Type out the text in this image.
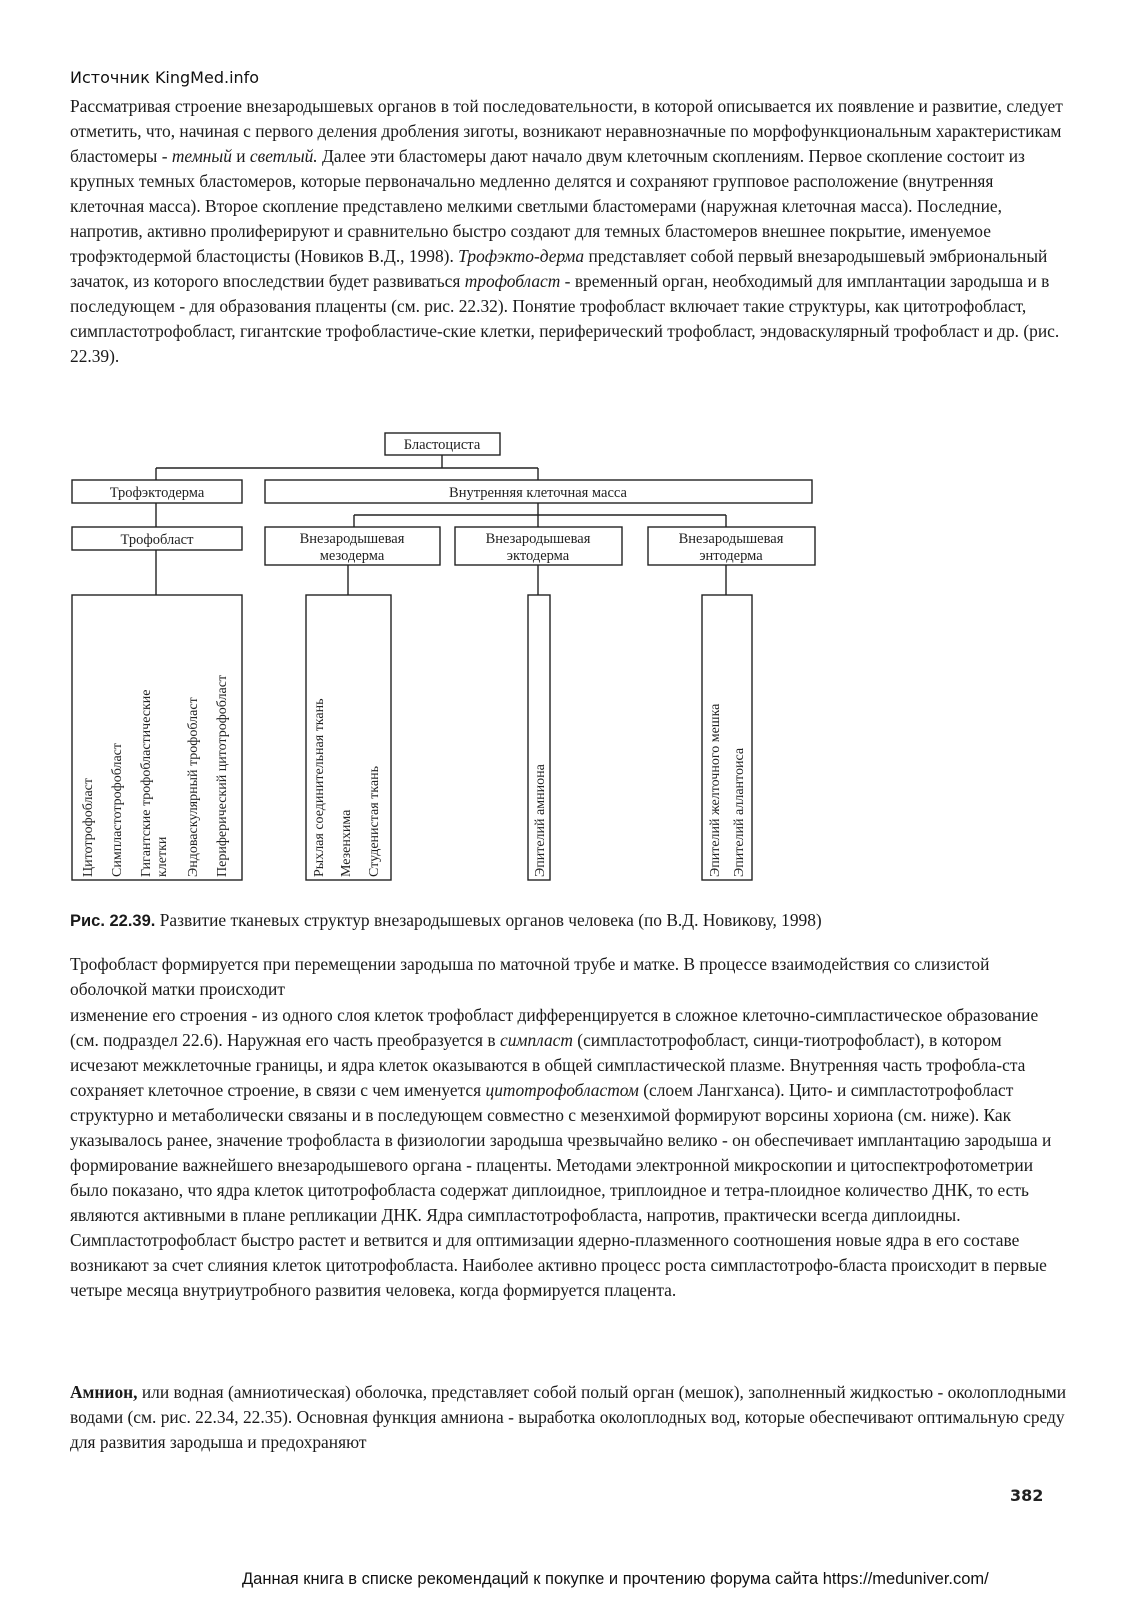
Источник KingMed.info

Рассматривая строение внезародышевых органов в той последовательности, в которой описывается их появление и развитие, следует отметить, что, начиная с первого деления дробления зиготы, возникают неравнозначные по морфофункциональным характеристикам бластомеры - темный и светлый. Далее эти бластомеры дают начало двум клеточным скоплениям. Первое скопление состоит из крупных темных бластомеров, которые первоначально медленно делятся и сохраняют групповое расположение (внутренняя клеточная масса). Второе скопление представлено мелкими светлыми бластомерами (наружная клеточная масса). Последние, напротив, активно пролиферируют и сравнительно быстро создают для темных бластомеров внешнее покрытие, именуемое трофэктодермой бластоцисты (Новиков В.Д., 1998). Трофэкто-дерма представляет собой первый внезародышевый эмбриональный зачаток, из которого впоследствии будет развиваться трофобласт - временный орган, необходимый для имплантации зародыша и в последующем - для образования плаценты (см. рис. 22.32). Понятие трофобласт включает такие структуры, как цитотрофобласт, симпластотрофобласт, гигантские трофобластиче-ские клетки, периферический трофобласт, эндоваскулярный трофобласт и др. (рис. 22.39).

Бластоциста
Трофэктодерма	Внутренняя клеточная масса
Трофобласт	Внезародышевая
мезодерма
Внезародышевая
эктодерма
Внезародышевая
энтодерма
Цитотрофобласт Симпластотрофобласт Гигантские трофобластические клетки Эндоваскулярный трофобласт Периферический цитотрофобласт	Рыхлая соединительная ткань Мезенхима Студенистая ткань	Эпителий амниона	Эпителий желточного мешка Эпителий аллантоиса
Рис. 22.39. Развитие тканевых структур внезародышевых органов человека (по В.Д. Новикову, 1998)

Трофобласт формируется при перемещении зародыша по маточной трубе и матке. В процессе взаимодействия со слизистой оболочкой матки происходит

изменение его строения - из одного слоя клеток трофобласт дифференцируется в сложное клеточно-симпластическое образование (см. подраздел 22.6). Наружная его часть преобразуется в симпласт (симпластотрофобласт, синци-тиотрофобласт), в котором исчезают межклеточные границы, и ядра клеток оказываются в общей симпластической плазме. Внутренняя часть трофобла-ста сохраняет клеточное строение, в связи с чем именуется цитотрофобластом (слоем Лангханса). Цито- и симпластотрофобласт структурно и метаболически связаны и в последующем совместно с мезенхимой формируют ворсины хориона (см. ниже). Как указывалось ранее, значение трофобласта в физиологии зародыша чрезвычайно велико - он обеспечивает имплантацию зародыша и формирование важнейшего внезародышевого органа - плаценты. Методами электронной микроскопии и цитоспектрофотометрии было показано, что ядра клеток цитотрофобласта содержат диплоидное, триплоидное и тетра-плоидное количество ДНК, то есть являются активными в плане репликации ДНК. Ядра симпластотрофобласта, напротив, практически всегда диплоидны. Симпластотрофобласт быстро растет и ветвится и для оптимизации ядерно-плазменного соотношения новые ядра в его составе возникают за счет слияния клеток цитотрофобласта. Наиболее активно процесс роста симпластотрофо-бласта происходит в первые четыре месяца внутриутробного развития человека, когда формируется плацента.

Амнион, или водная (амниотическая) оболочка, представляет собой полый орган (мешок), заполненный жидкостью - околоплодными водами (см. рис. 22.34, 22.35). Основная функция амниона - выработка околоплодных вод, которые обеспечивают оптимальную среду для развития зародыша и предохраняют

382
Данная книга в списке рекомендаций к покупке и прочтению форума сайта https://meduniver.com/
